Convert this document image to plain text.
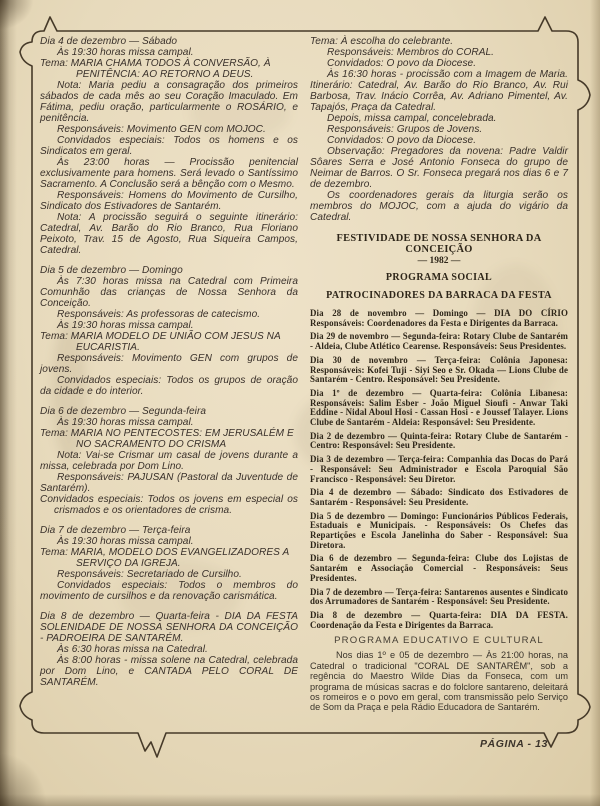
Dia 4 de dezembro — Sábado

Às 19:30 horas missa campal.

Tema: MARIA CHAMA TODOS À CONVERSÃO, À PENITÊNCIA: AO RETORNO A DEUS.

Nota: Maria pediu a consagração dos primeiros sábados de cada mês ao seu Coração Imaculado. Em Fátima, pediu oração, particularmente o ROSÁRIO, e penitência.

Responsáveis: Movimento GEN com MOJOC.

Convidados especiais: Todos os homens e os Sindicatos em geral.

Às 23:00 horas — Procissão penitencial exclusivamente para homens. Será levado o Santíssimo Sacramento. A Conclusão será a bênção com o Mesmo.

Responsáveis: Homens do Movimento de Cursilho, Sindicato dos Estivadores de Santarém.

Nota: A procissão seguirá o seguinte itinerário: Catedral, Av. Barão do Rio Branco, Rua Floriano Peixoto, Trav. 15 de Agosto, Rua Siqueira Campos, Catedral.

Dia 5 de dezembro — Domingo

Às 7:30 horas missa na Catedral com Primeira Comunhão das crianças de Nossa Senhora da Conceição.

Responsáveis: As professoras de catecismo.

Às 19:30 horas missa campal.

Tema: MARIA MODELO DE UNIÃO COM JESUS NA EUCARISTIA.

Responsáveis: Movimento GEN com grupos de jovens.

Convidados especiais: Todos os grupos de oração da cidade e do interior.

Dia 6 de dezembro — Segunda-feira

Às 19:30 horas missa campal.

Tema: MARIA NO PENTECOSTES: EM JERUSALÉM E NO SACRAMENTO DO CRISMA

Nota: Vai-se Crismar um casal de jovens durante a missa, celebrada por Dom Lino.

Responsáveis: PAJUSAN (Pastoral da Juventude de Santarém).

Convidados especiais: Todos os jovens em especial os crismados e os orientadores de crisma.

Dia 7 de dezembro — Terça-feira

Às 19:30 horas missa campal.

Tema: MARIA, MODELO DOS EVANGELIZADORES A SERVIÇO DA IGREJA.

Responsáveis: Secretariado de Cursilho.

Convidados especiais: Todos o membros do movimento de cursilhos e da renovação carismática.

Dia 8 de dezembro — Quarta-feira - DIA DA FESTA SOLENIDADE DE NOSSA SENHORA DA CONCEIÇÃO - PADROEIRA DE SANTARÉM.

Às 6:30 horas missa na Catedral.

Às 8:00 horas - missa solene na Catedral, celebrada por Dom Lino, e CANTADA PELO CORAL DE SANTARÉM.

Tema: À escolha do celebrante.

Responsáveis: Membros do CORAL.

Convidados: O povo da Diocese.

Às 16:30 horas - procissão com a Imagem de Maria. Itinerário: Catedral, Av. Barão do Rio Branco, Av. Rui Barbosa, Trav. Inácio Corrêa, Av. Adriano Pimentel, Av. Tapajós, Praça da Catedral.

Depois, missa campal, concelebrada.

Responsáveis: Grupos de Jovens.

Convidados: O povo da Diocese.

Observação: Pregadores da novena: Padre Valdir Sôares Serra e José Antonio Fonseca do grupo de Neimar de Barros. O Sr. Fonseca pregará nos dias 6 e 7 de dezembro.

Os coordenadores gerais da liturgia serão os membros do MOJOC, com a ajuda do vigário da Catedral.

FESTIVIDADE DE NOSSA SENHORA DA CONCEIÇÃO
— 1982 —
PROGRAMA SOCIAL
PATROCINADORES DA BARRACA DA FESTA

Dia 28 de novembro — Domingo — DIA DO CÍRIO Responsáveis: Coordenadores da Festa e Dirigentes da Barraca.

Dia 29 de novembro — Segunda-feira: Rotary Clube de Santarém - Aldeia, Clube Atlético Cearense. Responsáveis: Seus Presidentes.

Dia 30 de novembro — Terça-feira: Colônia Japonesa: Responsáveis: Kofei Tuji - Siyi Seo e Sr. Okada — Lions Clube de Santarém - Centro. Responsável: Seu Presidente.

Dia 1º de dezembro — Quarta-feira: Colônia Libanesa: Responsáveis: Salim Esber - João Miguel Sioufi - Anwar Taki Eddine - Nidal Aboul Hosi - Cassan Hosi - e Joussef Talayer. Lions Clube de Santarém - Aldeia: Responsável: Seu Presidente.

Dia 2 de dezembro — Quinta-feira: Rotary Clube de Santarém - Centro: Responsável: Seu Presidente.

Dia 3 de dezembro — Terça-feira: Companhia das Docas do Pará - Responsável: Seu Administrador e Escola Paroquial São Francisco - Responsável: Seu Diretor.

Dia 4 de dezembro — Sábado: Sindicato dos Estivadores de Santarém - Responsável: Seu Presidente.

Dia 5 de dezembro — Domingo: Funcionários Públicos Federais, Estaduais e Municipais. - Responsáveis: Os Chefes das Repartições e Escola Janelinha do Saber - Responsável: Sua Diretora.

Dia 6 de dezembro — Segunda-feira: Clube dos Lojistas de Santarém e Associação Comercial - Responsáveis: Seus Presidentes.

Dia 7 de dezembro — Terça-feira: Santarenos ausentes e Sindicato dos Arrumadores de Santarém - Responsável: Seu Presidente.

Dia 8 de dezembro — Quarta-feira: DIA DA FESTA. Coordenação da Festa e Dirigentes da Barraca.

PROGRAMA EDUCATIVO E CULTURAL

Nos dias 1º e 05 de dezembro — Às 21:00 horas, na Catedral o tradicional "CORAL DE SANTARÉM", sob a regência do Maestro Wilde Dias da Fonseca, com um programa de músicas sacras e do folclore santareno, deleitará os romeiros e o povo em geral, com transmissão pelo Serviço de Som da Praça e pela Rádio Educadora de Santarém.

PÁGINA - 13
